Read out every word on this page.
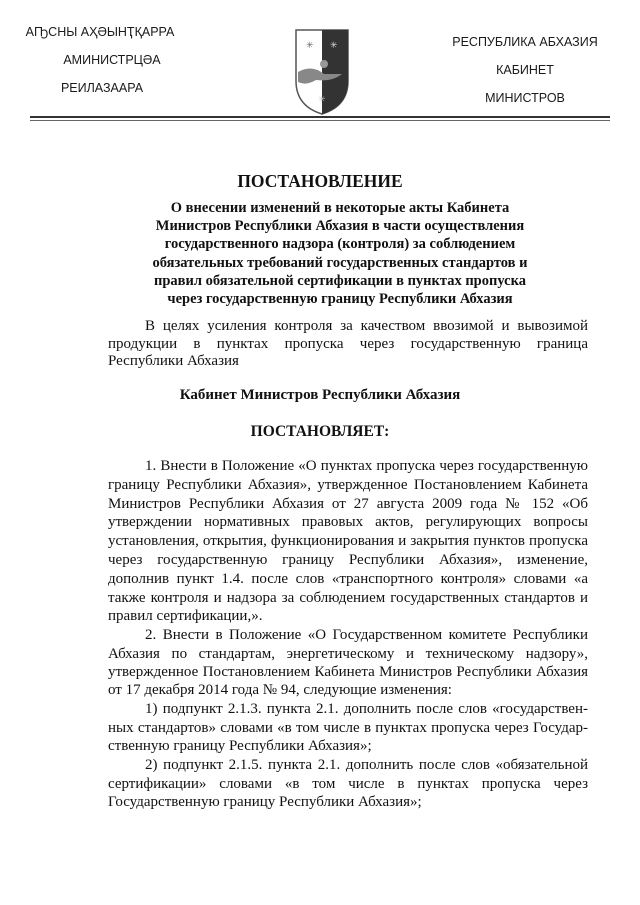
АҦСНЫ АҲӘЫНҬҚАРРА
АМИНИСТРЦӘА
РЕИЛАЗААРА
РЕСПУБЛИКА АБХАЗИЯ
КАБИНЕТ
МИНИСТРОВ
✳ ✳
✳
ПОСТАНОВЛЕНИЕ
О внесении изменений в некоторые акты Кабинета
Министров Республики Абхазия в части осуществления
государственного надзора (контроля) за соблюдением
обязательных требований государственных стандартов и
правил обязательной сертификации в пунктах пропуска
через государственную границу Республики Абхазия
В целях усиления контроля за качеством ввозимой и вывозимой
продукции в пунктах пропуска через государственную граница
Республики Абхазия
Кабинет Министров Республики Абхазия
ПОСТАНОВЛЯЕТ:
1. Внести в Положение «О пунктах пропуска через государственную
границу Республики Абхазия», утвержденное Постановлением Кабинета
Министров Республики Абхазия от 27 августа 2009 года № 152 «Об
утверждении нормативных правовых актов, регулирующих вопросы
установления, открытия, функционирования и закрытия пунктов пропуска
через государственную границу Республики Абхазия», изменение,
дополнив пункт 1.4. после слов «транспортного контроля» словами «а
также контроля и надзора за соблюдением государственных стандартов и
правил сертификации,».
2. Внести в Положение «О Государственном комитете Республики
Абхазия по стандартам, энергетическому и техническому надзору»,
утвержденное Постановлением Кабинета Министров Республики Абхазия
от 17 декабря 2014 года № 94, следующие изменения:
1) подпункт 2.1.3. пункта 2.1. дополнить после слов «государствен-
ных стандартов» словами «в том числе в пунктах пропуска через Государ-
ственную границу Республики Абхазия»;
2) подпункт 2.1.5. пункта 2.1. дополнить после слов «обязательной
сертификации» словами «в том числе в пунктах пропуска через
Государственную границу Республики Абхазия»;
